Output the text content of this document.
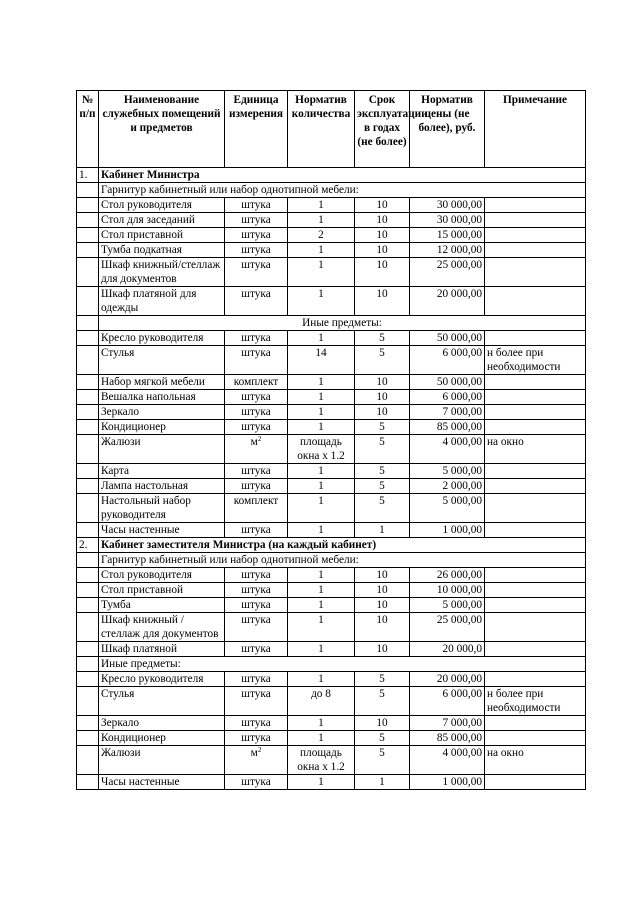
№ п/п	Наименование служебных помещений и предметов	Единица измерения	Норматив количества	Срок эксплуатации в годах (не более)	Норматив цены (не более), руб.	Примечание
1.	Кабинет Министра					
	Гарнитур кабинетный или набор однотипной мебели:					
	Стол руководителя	штука	1	10	30 000,00	
	Стол для заседаний	штука	1	10	30 000,00	
	Стол приставной	штука	2	10	15 000,00	
	Тумба подкатная	штука	1	10	12 000,00	
	Шкаф книжный/стеллаж для документов	штука	1	10	25 000,00	
	Шкаф платяной для одежды	штука	1	10	20 000,00	
	Иные предметы:					
	Кресло руководителя	штука	1	5	50 000,00	
	Стулья	штука	14	5	6 000,00	н более при необходимости
	Набор мягкой мебели	комплект	1	10	50 000,00	
	Вешалка напольная	штука	1	10	6 000,00	
	Зеркало	штука	1	10	7 000,00	
	Кондиционер	штука	1	5	85 000,00	
	Жалюзи	$м^2$	площадь окна х 1.2	5	4 000,00	на окно
	Карта	штука	1	5	5 000,00	
	Лампа настольная	штука	1	5	2 000,00	
	Настольный набор руководителя	комплект	1	5	5 000,00	
	Часы настенные	штука	1	1	1 000,00	
2.	Кабинет заместителя Министра (на каждый кабинет)					
	Гарнитур кабинетный или набор однотипной мебели:					
	Стол руководителя	штука	1	10	26 000,00	
	Стол приставной	штука	1	10	10 000,00	
	Тумба	штука	1	10	5 000,00	
	Шкаф книжный /стеллаж для документов	штука	1	10	25 000,00	
	Шкаф платяной	штука	1	10	20 000,0	
	Иные предметы:					
	Кресло руководителя	штука	1	5	20 000,00	
	Стулья	штука	до 8	5	6 000,00	н более при необходимости
	Зеркало	штука	1	10	7 000,00	
	Кондиционер	штука	1	5	85 000,00	
	Жалюзи	$м^2$	площадь окна х 1.2	5	4 000,00	на окно
	Часы настенные	штука	1	1	1 000,00	
